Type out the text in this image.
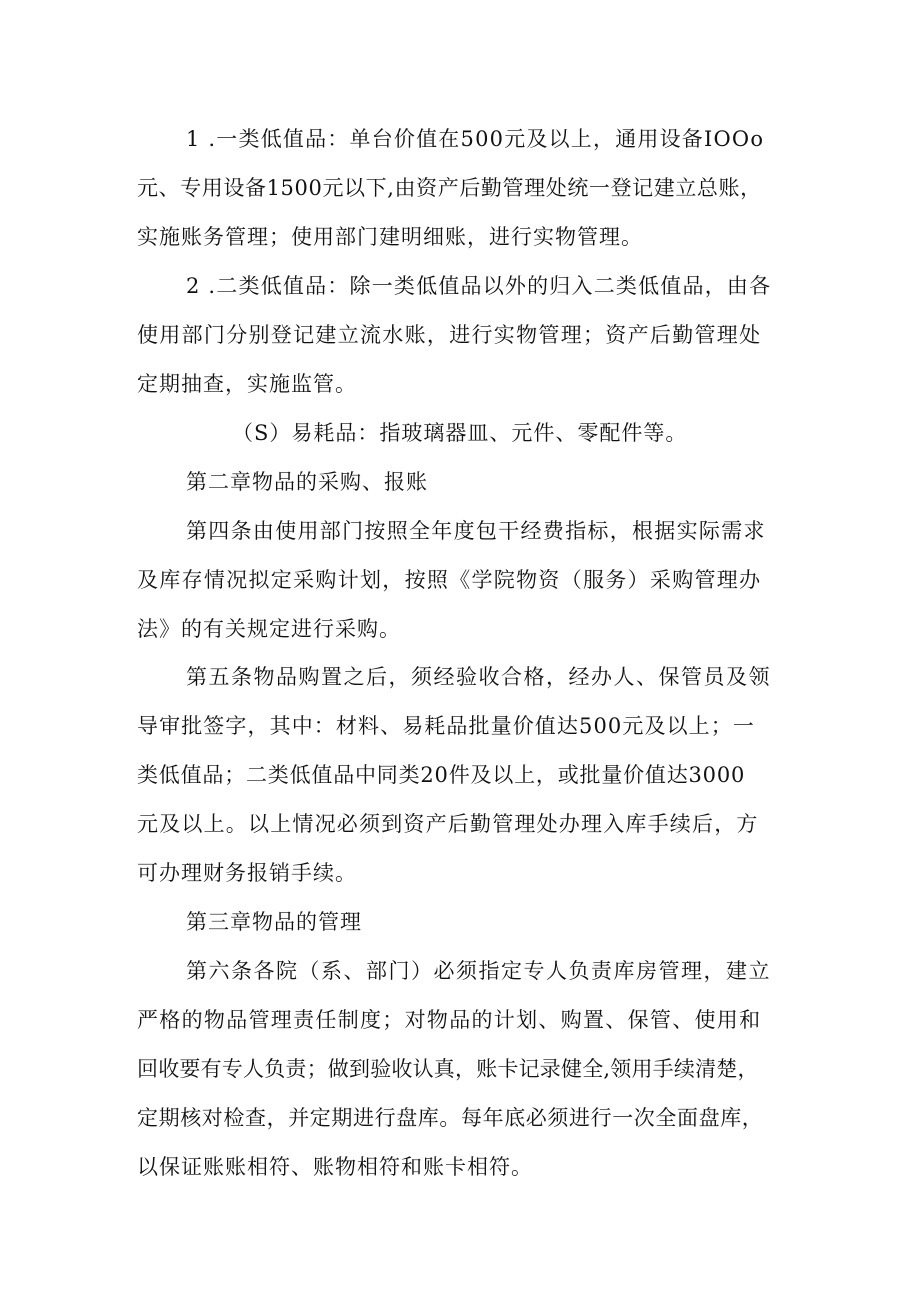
1 .一类低值品：单台价值在500元及以上，通用设备IOOo
元、专用设备1500元以下,由资产后勤管理处统一登记建立总账，
实施账务管理；使用部门建明细账，进行实物管理。
2 .二类低值品：除一类低值品以外的归入二类低值品，由各
使用部门分别登记建立流水账，进行实物管理；资产后勤管理处
定期抽查，实施监管。
（S）易耗品：指玻璃器皿、元件、零配件等。
第二章物品的采购、报账
第四条由使用部门按照全年度包干经费指标，根据实际需求
及库存情况拟定采购计划，按照《学院物资（服务）采购管理办
法》的有关规定进行采购。
第五条物品购置之后，须经验收合格，经办人、保管员及领
导审批签字，其中：材料、易耗品批量价值达500元及以上；一
类低值品；二类低值品中同类20件及以上，或批量价值达3000
元及以上。以上情况必须到资产后勤管理处办理入库手续后，方
可办理财务报销手续。
第三章物品的管理
第六条各院（系、部门）必须指定专人负责库房管理，建立
严格的物品管理责任制度；对物品的计划、购置、保管、使用和
回收要有专人负责；做到验收认真，账卡记录健全,领用手续清楚，
定期核对检查，并定期进行盘库。每年底必须进行一次全面盘库，
以保证账账相符、账物相符和账卡相符。
